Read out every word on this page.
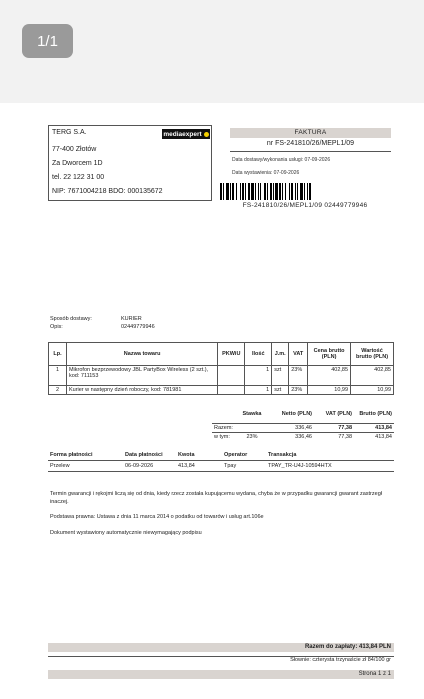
1/1
TERG S.A.	mediaexpert
77-400 Złotów
Za Dworcem 1D
tel. 22 122 31 00
NIP: 7671004218 BDO: 000135672
FAKTURA
nr FS-241810/26/MEPL1/09
Data dostawy/wykonania usługi: 07-09-2026
Data wystawienia: 07-09-2026
FS-241810/26/MEPL1/09 02449779946
Sposób dostawy:	KURIER
Opis:	02449779946
Lp.	Nazwa towaru	PKWiU	Ilość	J.m.	VAT	Cena brutto (PLN)	Wartość brutto (PLN)
1	Mikrofon bezprzewodowy JBL PartyBox Wireless (2 szt.), kod: 711153		1	szt	23%	402,85	402,85
2	Kurier w następny dzień roboczy, kod: 781981		1	szt	23%	10,99	10,99
	Stawka	Netto (PLN)	VAT (PLN)	Brutto (PLN)
Razem:		336,46	77,38	413,84
w tym:	23%	336,46	77,38	413,84
Forma płatności	Data płatności	Kwota	Operator	Transakcja
Przelew	06-09-2026	413,84	Tpay	TPAY_TR-U4J-10594HTX
Termin gwarancji i rękojmi liczą się od dnia, kiedy rzecz została kupującemu wydana, chyba że w przypadku gwarancji gwarant zastrzegł inaczej.
Podstawa prawna: Ustawa z dnia 11 marca 2014 o podatku od towarów i usług art.106e
Dokument wystawiony automatycznie niewymagający podpisu
Razem do zapłaty: 413,84 PLN
Słownie: czterysta trzynaście zł 84/100 gr
Strona 1 z 1
